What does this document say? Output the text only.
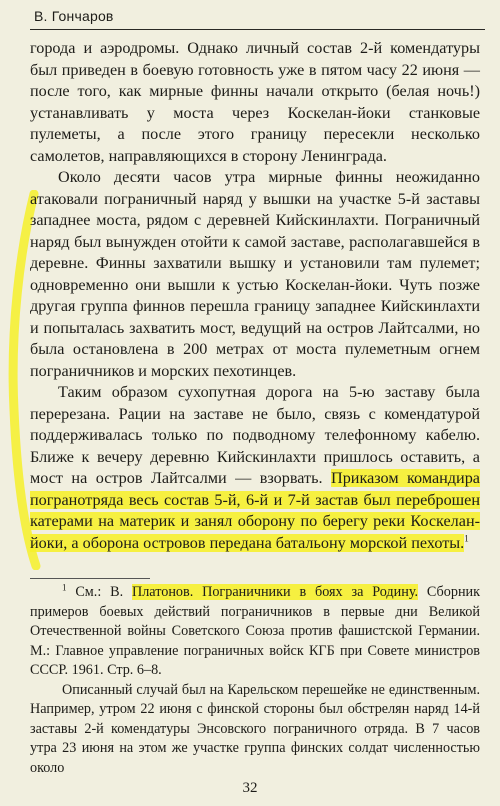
В. Гончаров

города и аэродромы. Однако личный состав 2-й комендатуры был приведен в боевую готовность уже в пятом часу 22 июня — после того, как мирные финны начали открыто (белая ночь!) устанавливать у моста через Коскелан-йоки станковые пулеметы, а после этого границу пересекли несколько самолетов, направляющихся в сторону Ленинграда.

Около десяти часов утра мирные финны неожиданно атаковали пограничный наряд у вышки на участке 5-й заставы западнее моста, рядом с деревней Кийскинлахти. Пограничный наряд был вынужден отойти к самой заставе, располагавшейся в деревне. Финны захватили вышку и установили там пулемет; одновременно они вышли к устью Коскелан-йоки. Чуть позже другая группа финнов перешла границу западнее Кийскинлахти и попыталась захватить мост, ведущий на остров Лайтсалми, но была остановлена в 200 метрах от моста пулеметным огнем пограничников и морских пехотинцев.

Таким образом сухопутная дорога на 5-ю заставу была перерезана. Рации на заставе не было, связь с комендатурой поддерживалась только по подводному телефонному кабелю. Ближе к вечеру деревню Кийскинлахти пришлось оставить, а мост на остров Лайтсалми — взорвать. Приказом командира погранотряда весь состав 5-й, 6-й и 7-й застав был переброшен катерами на материк и занял оборону по берегу реки Коскелан-йоки, а оборона островов передана батальону морской пехоты.$^1$

$^1$ См.: В. Платонов. Пограничники в боях за Родину. Сборник примеров боевых действий пограничников в первые дни Великой Отечественной войны Советского Союза против фашистской Германии. М.: Главное управление пограничных войск КГБ при Совете министров СССР. 1961. Стр. 6–8.

Описанный случай был на Карельском перешейке не единственным. Например, утром 22 июня с финской стороны был обстрелян наряд 14-й заставы 2-й комендатуры Энсовского пограничного отряда. В 7 часов утра 23 июня на этом же участке группа финских солдат численностью около

32
